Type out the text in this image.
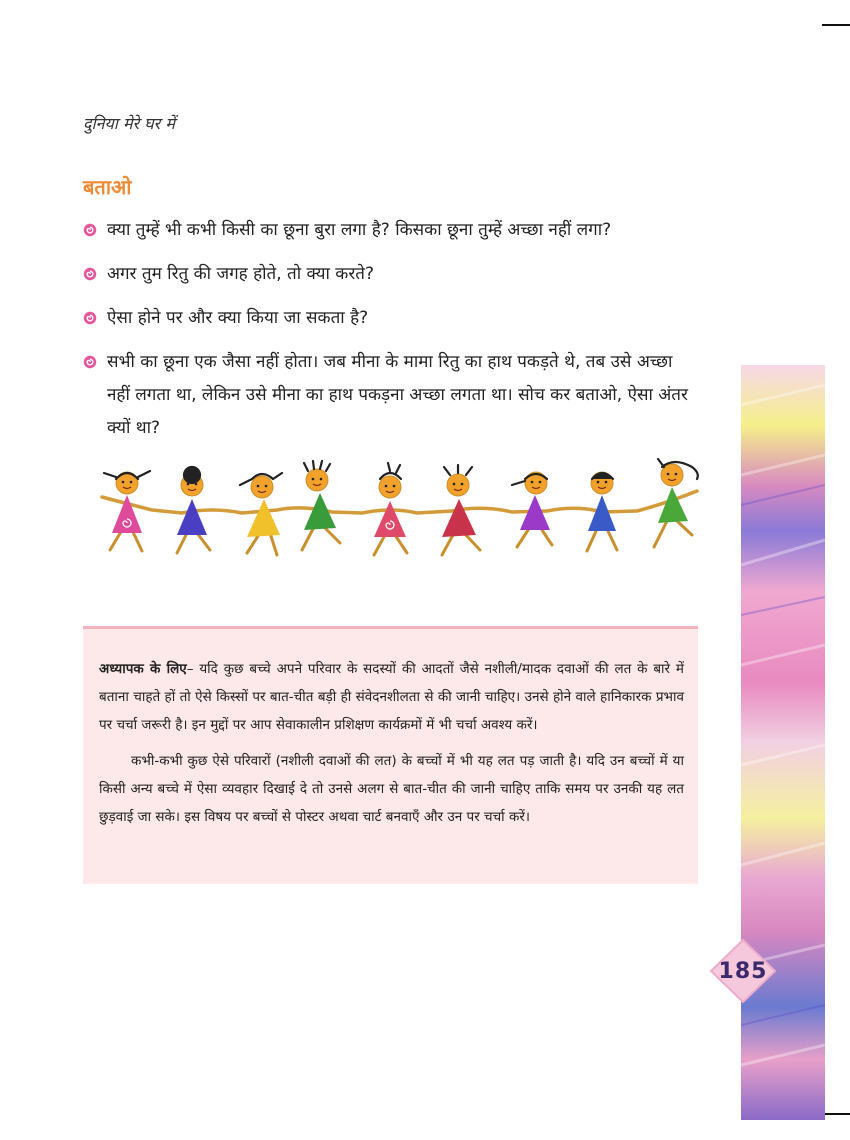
दुनिया मेरे घर में
बताओ
क्या तुम्हें भी कभी किसी का छूना बुरा लगा है? किसका छूना तुम्हें अच्छा नहीं लगा?
अगर तुम रितु की जगह होते, तो क्या करते?
ऐसा होने पर और क्या किया जा सकता है?
सभी का छूना एक जैसा नहीं होता। जब मीना के मामा रितु का हाथ पकड़ते थे, तब उसे अच्छा नहीं लगता था, लेकिन उसे मीना का हाथ पकड़ना अच्छा लगता था। सोच कर बताओ, ऐसा अंतर क्यों था?

अध्यापक के लिए– यदि कुछ बच्चे अपने परिवार के सदस्यों की आदतों जैसे नशीली/मादक दवाओं की लत के बारे में बताना चाहते हों तो ऐसे किस्सों पर बात-चीत बड़ी ही संवेदनशीलता से की जानी चाहिए। उनसे होने वाले हानिकारक प्रभाव पर चर्चा जरूरी है। इन मुद्दों पर आप सेवाकालीन प्रशिक्षण कार्यक्रमों में भी चर्चा अवश्य करें।

कभी-कभी कुछ ऐसे परिवारों (नशीली दवाओं की लत) के बच्चों में भी यह लत पड़ जाती है। यदि उन बच्चों में या किसी अन्य बच्चे में ऐसा व्यवहार दिखाई दे तो उनसे अलग से बात-चीत की जानी चाहिए ताकि समय पर उनकी यह लत छुड़वाई जा सके। इस विषय पर बच्चों से पोस्टर अथवा चार्ट बनवाएँ और उन पर चर्चा करें।

185
